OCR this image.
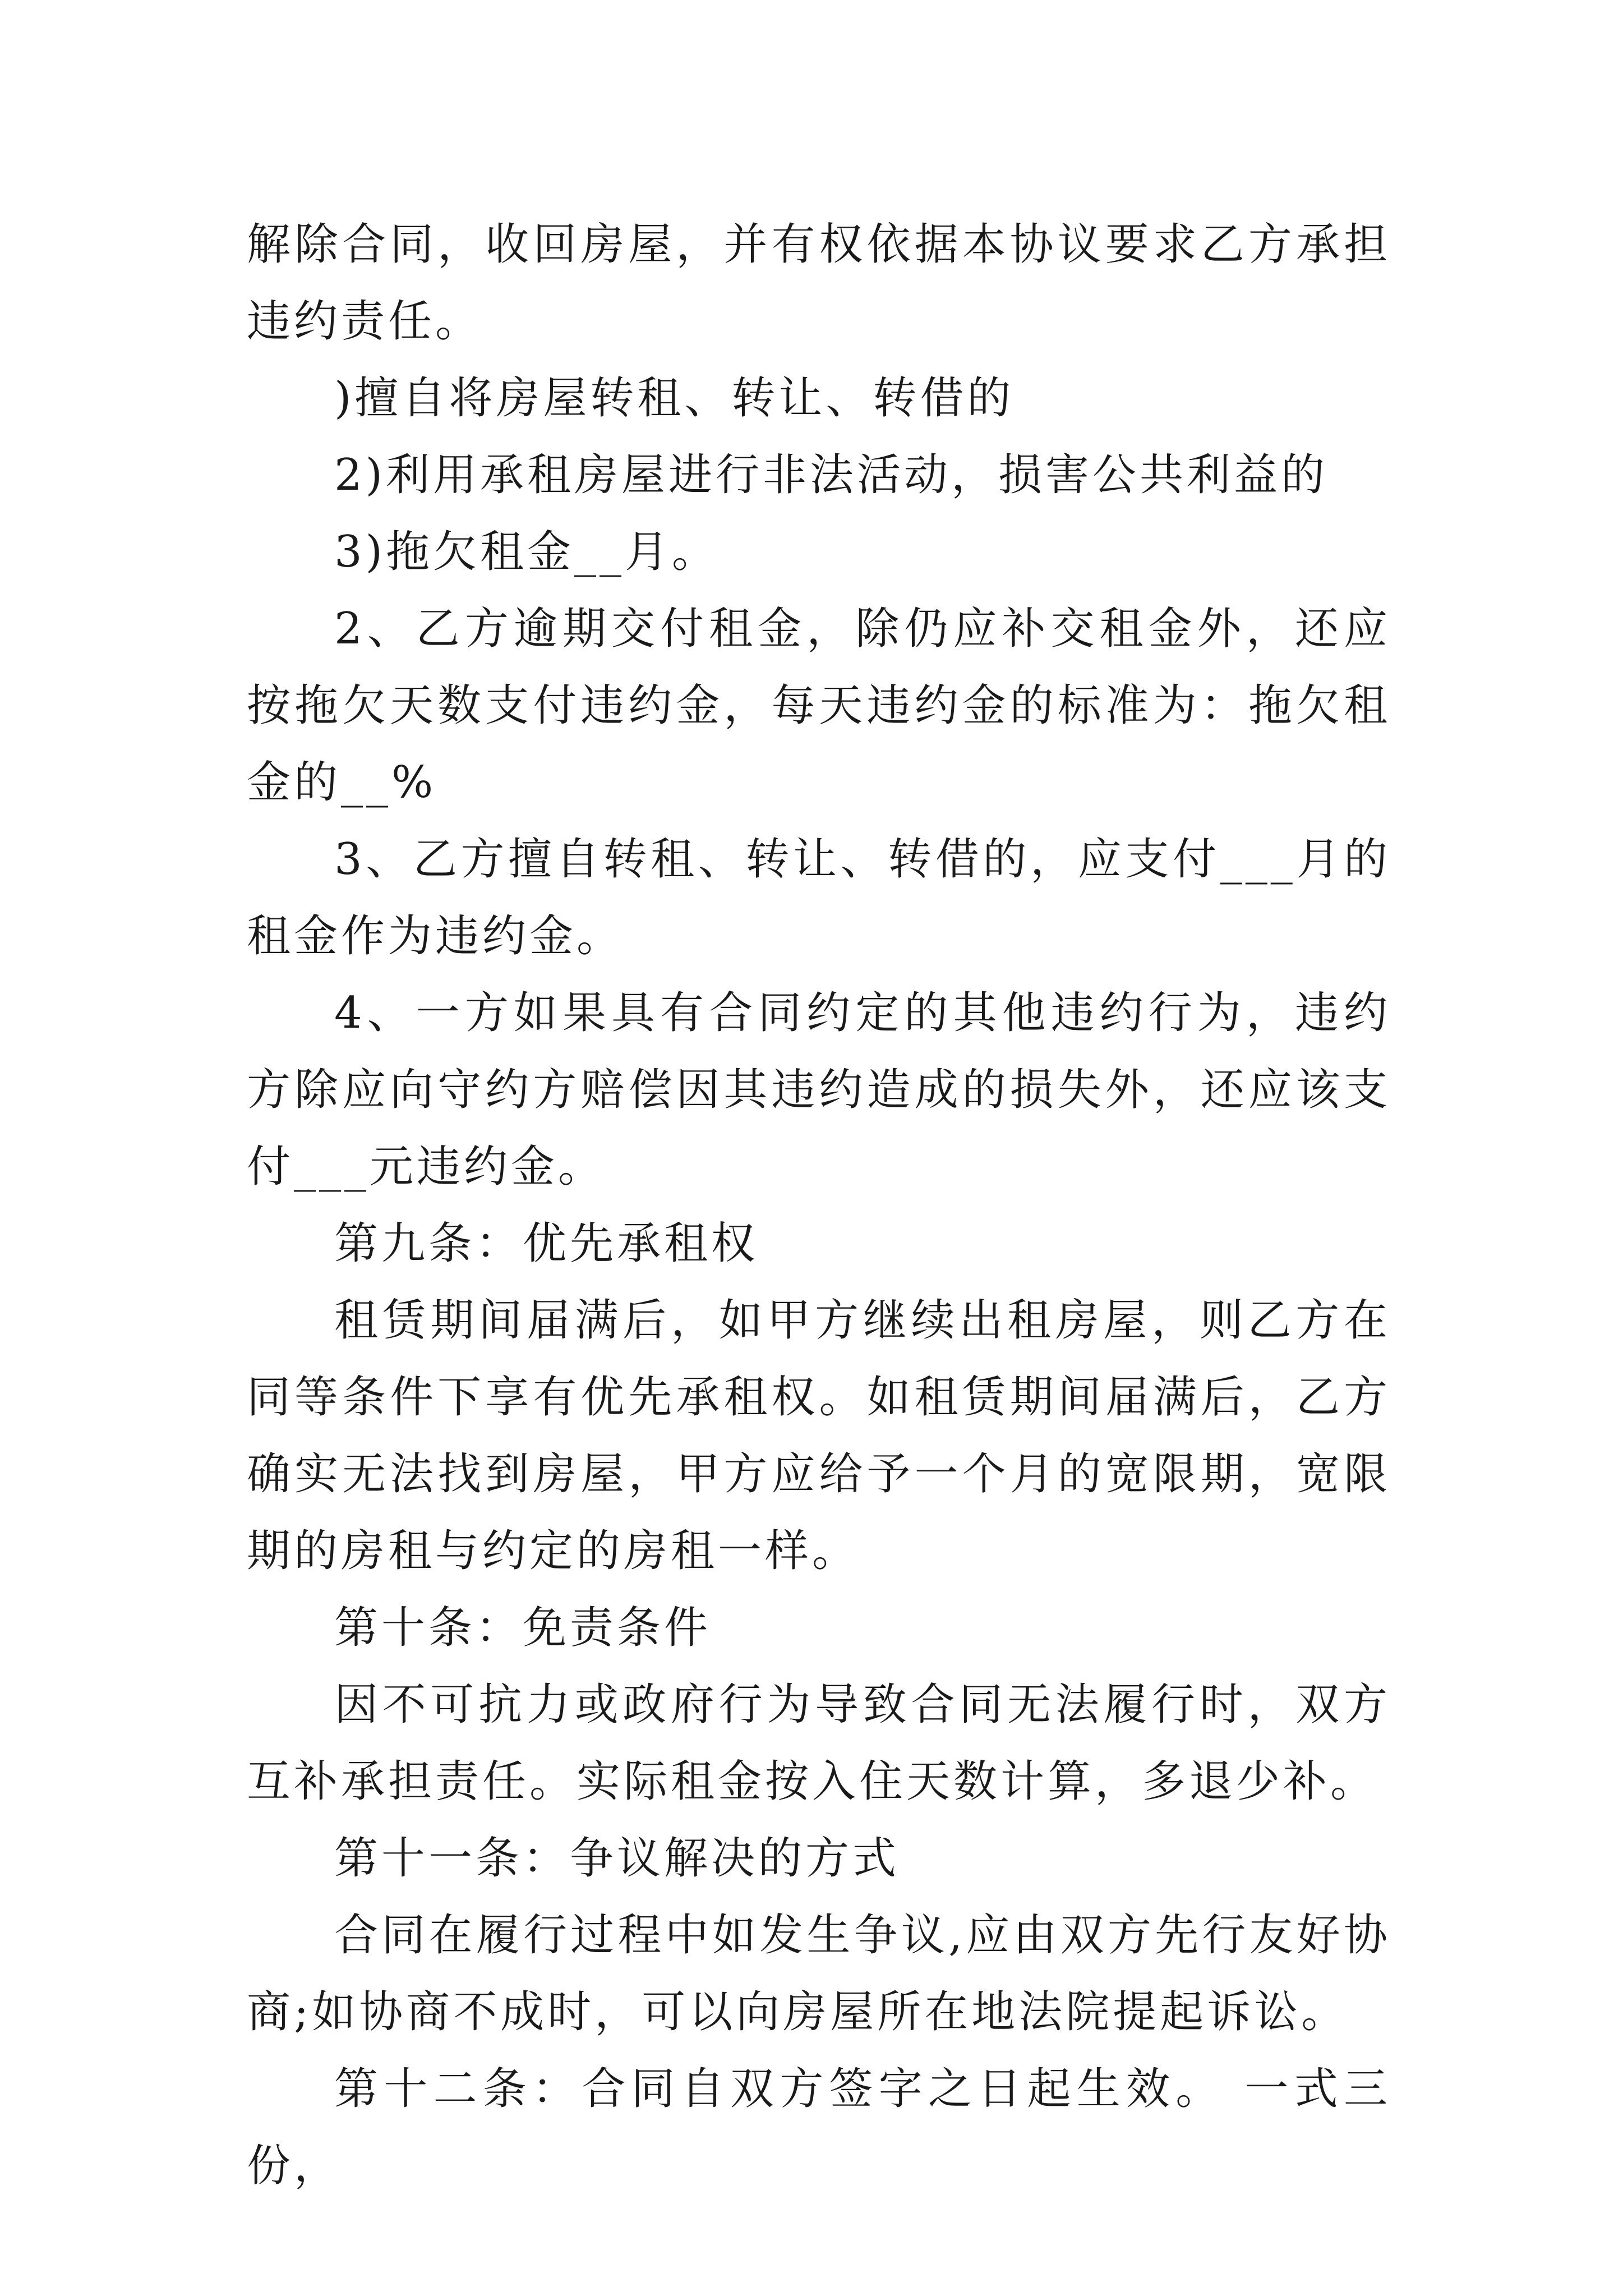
解除合同，收回房屋，并有权依据本协议要求乙方承担违约责任。

)擅自将房屋转租、转让、转借的

2)利用承租房屋进行非法活动，损害公共利益的

3)拖欠租金__月。

2、乙方逾期交付租金，除仍应补交租金外，还应按拖欠天数支付违约金，每天违约金的标准为：拖欠租金的__%

3、乙方擅自转租、转让、转借的，应支付___月的租金作为违约金。

4、一方如果具有合同约定的其他违约行为，违约方除应向守约方赔偿因其违约造成的损失外，还应该支付___元违约金。

第九条：优先承租权

租赁期间届满后，如甲方继续出租房屋，则乙方在同等条件下享有优先承租权。如租赁期间届满后，乙方确实无法找到房屋，甲方应给予一个月的宽限期，宽限期的房租与约定的房租一样。

第十条：免责条件

因不可抗力或政府行为导致合同无法履行时，双方互补承担责任。实际租金按入住天数计算，多退少补。

第十一条：争议解决的方式

合同在履行过程中如发生争议,应由双方先行友好协商;如协商不成时，可以向房屋所在地法院提起诉讼。

第十二条：合同自双方签字之日起生效。 一式三份，
